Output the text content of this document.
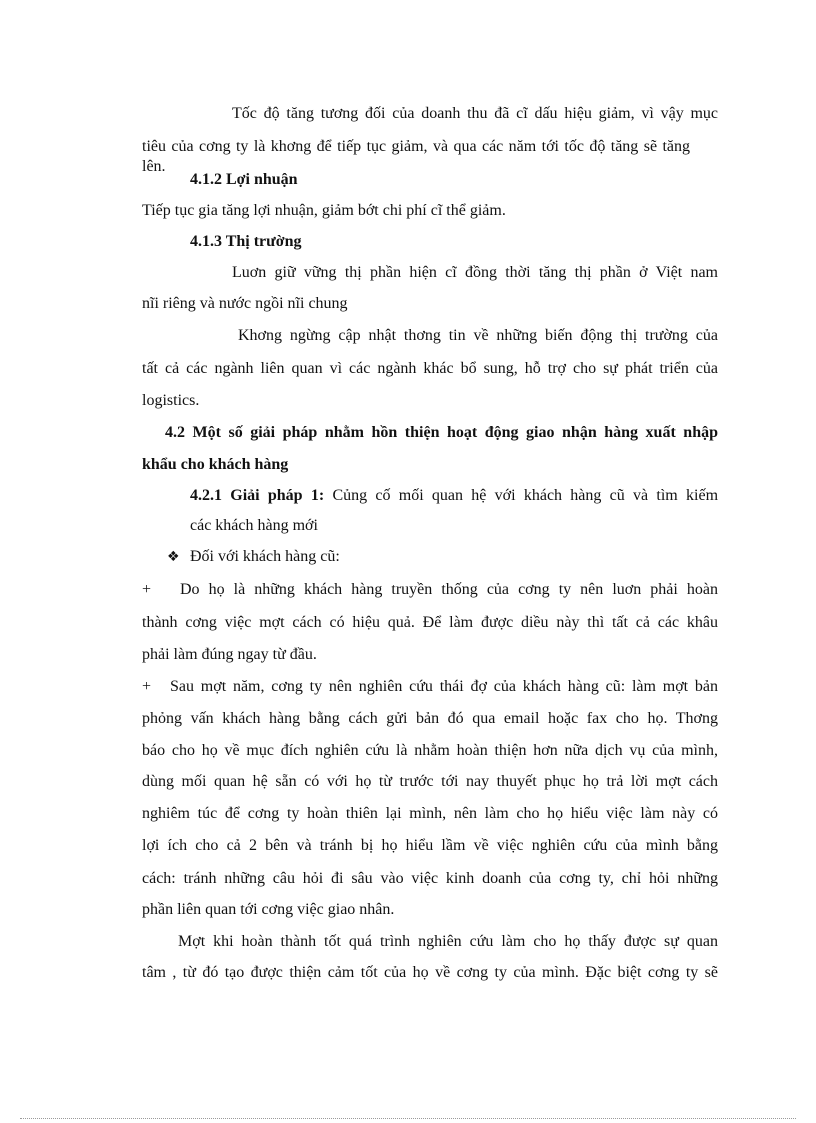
Tốc độ tăng tương đối của doanh thu đã cĩ dấu hiệu giảm, vì vậy mục
tiêu của cơng ty là khơng để tiếp tục giảm, và qua các năm tới tốc độ tăng sẽ tăng lên.
4.1.2 Lợi nhuận
Tiếp tục gia tăng lợi nhuận, giảm bớt chi phí cĩ thể giảm.
4.1.3 Thị trường
Luơn giữ vững thị phần hiện cĩ đồng thời tăng thị phần ở Việt nam
nĩi riêng và nước ngồi nĩi chung
Khơng ngừng cập nhật thơng tin về những biến động thị trường của
tất cả các ngành liên quan vì các ngành khác bổ sung, hỗ trợ cho sự phát triển của
logistics.
4.2 Một số giải pháp nhằm hồn thiện hoạt động giao nhận hàng xuất nhập
khẩu cho khách hàng
4.2.1 Giải pháp 1: Củng cố mối quan hệ với khách hàng cũ và tìm kiếm
các khách hàng mới
❖ Đối với khách hàng cũ:
+ Do họ là những khách hàng truyền thống của cơng ty nên luơn phải hoàn
thành cơng việc mợt cách có hiệu quả. Để làm được diều này thì tất cả các khâu
phải làm đúng ngay từ đầu.
+ Sau mợt năm, cơng ty nên nghiên cứu thái đợ của khách hàng cũ: làm mợt bản
phỏng vấn khách hàng bằng cách gửi bản đó qua email hoặc fax cho họ. Thơng
báo cho họ về mục đích nghiên cứu là nhằm hoàn thiện hơn nữa dịch vụ của mình,
dùng mối quan hệ sẵn có với họ từ trước tới nay thuyết phục họ trả lời mợt cách
nghiêm túc để cơng ty hoàn thiên lại mình, nên làm cho họ hiểu việc làm này có
lợi ích cho cả 2 bên và tránh bị họ hiểu lầm về việc nghiên cứu của mình bằng
cách: tránh những câu hỏi đi sâu vào việc kinh doanh của cơng ty, chỉ hỏi những
phần liên quan tới cơng việc giao nhân.
Mợt khi hoàn thành tốt quá trình nghiên cứu làm cho họ thấy được sự quan
tâm , từ đó tạo được thiện cảm tốt của họ về cơng ty của mình. Đặc biệt cơng ty sẽ
